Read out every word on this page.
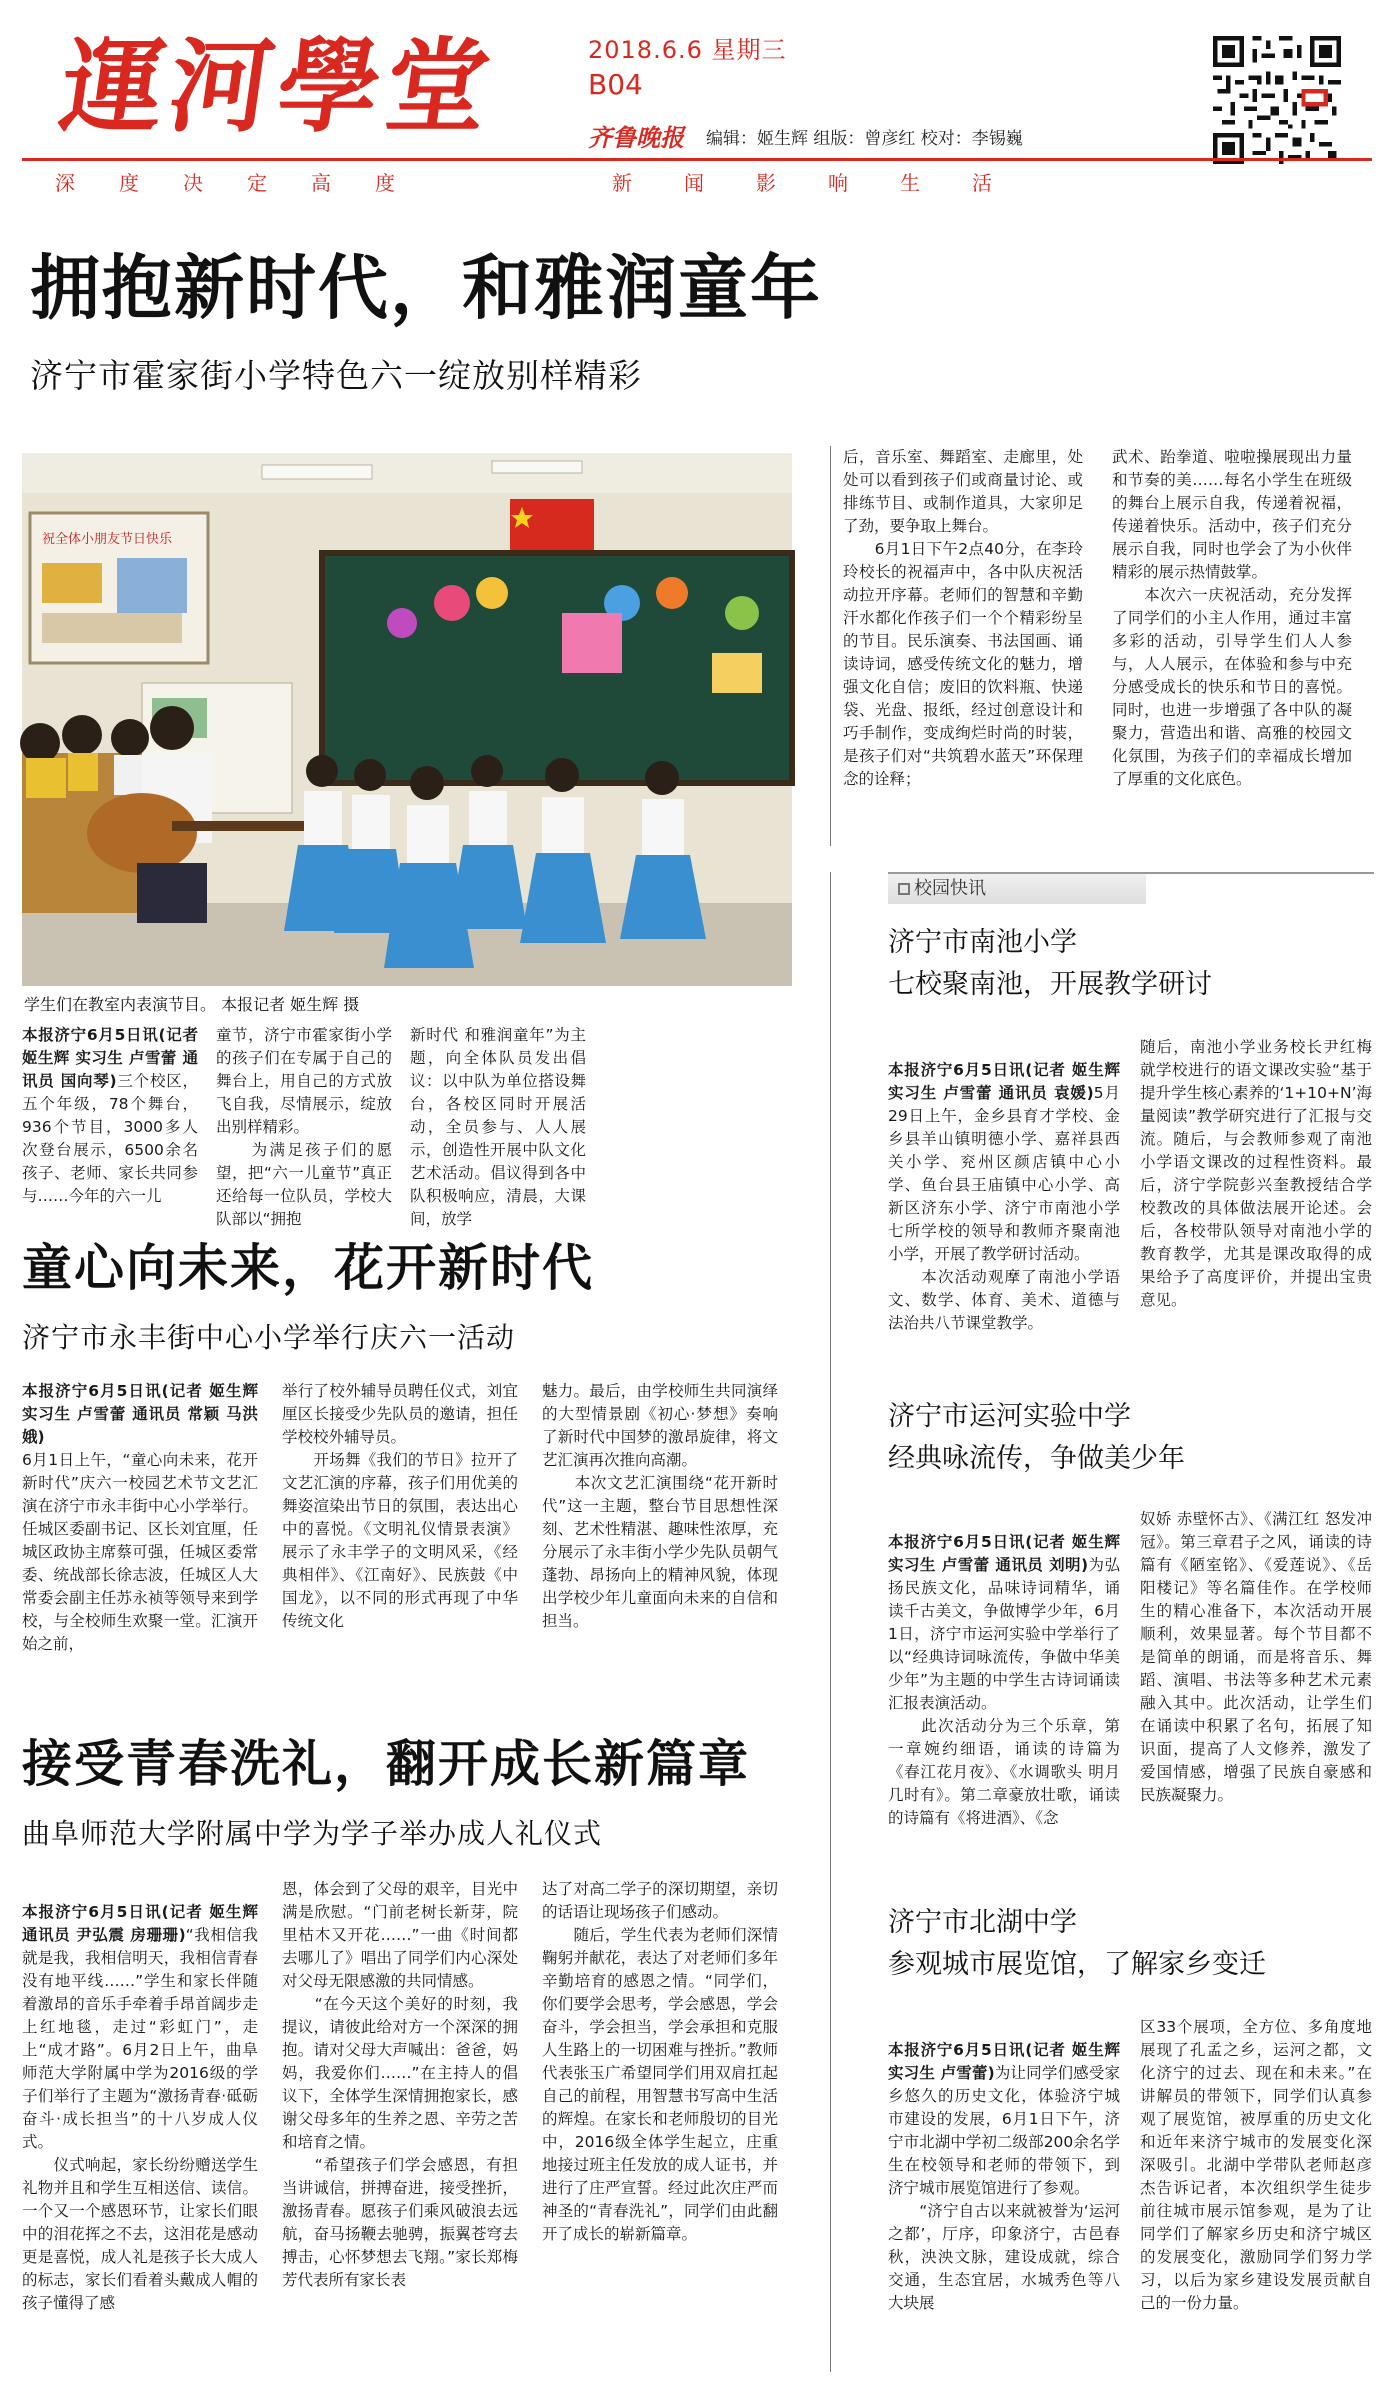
運河學堂	2018.6.6 星期三
B04
齐鲁晚报 编辑：姬生辉 组版：曾彦红 校对：李锡巍
深度决定高度	新闻影响生活
拥抱新时代，和雅润童年
济宁市霍家街小学特色六一绽放别样精彩
祝全体小朋友节日快乐
学生们在教室内表演节目。 本报记者 姬生辉 摄
本报济宁6月5日讯(记者 姬生辉 实习生 卢雪蕾 通讯员 国向琴)三个校区，五个年级，78个舞台，936个节目，3000多人次登台展示，6500余名孩子、老师、家长共同参与……今年的六一儿
童节，济宁市霍家街小学的孩子们在专属于自己的舞台上，用自己的方式放飞自我，尽情展示，绽放出别样精彩。
　　为满足孩子们的愿望，把“六一儿童节”真正还给每一位队员，学校大队部以“拥抱
新时代 和雅润童年”为主题，向全体队员发出倡议：以中队为单位搭设舞台，各校区同时开展活动，全员参与、人人展示，创造性开展中队文化艺术活动。倡议得到各中队积极响应，清晨，大课间，放学
后，音乐室、舞蹈室、走廊里，处处可以看到孩子们或商量讨论、或排练节目、或制作道具，大家卯足了劲，要争取上舞台。
　　6月1日下午2点40分，在李玲玲校长的祝福声中，各中队庆祝活动拉开序幕。老师们的智慧和辛勤汗水都化作孩子们一个个精彩纷呈的节目。民乐演奏、书法国画、诵读诗词，感受传统文化的魅力，增强文化自信；废旧的饮料瓶、快递袋、光盘、报纸，经过创意设计和巧手制作，变成绚烂时尚的时装，是孩子们对“共筑碧水蓝天”环保理念的诠释；
武术、跆拳道、啦啦操展现出力量和节奏的美……每名小学生在班级的舞台上展示自我，传递着祝福，传递着快乐。活动中，孩子们充分展示自我，同时也学会了为小伙伴精彩的展示热情鼓掌。
　　本次六一庆祝活动，充分发挥了同学们的小主人作用，通过丰富多彩的活动，引导学生们人人参与，人人展示，在体验和参与中充分感受成长的快乐和节日的喜悦。同时，也进一步增强了各中队的凝聚力，营造出和谐、高雅的校园文化氛围，为孩子们的幸福成长增加了厚重的文化底色。
童心向未来，花开新时代
济宁市永丰街中心小学举行庆六一活动
本报济宁6月5日讯(记者 姬生辉 实习生 卢雪蕾 通讯员 常颖 马洪娥)
6月1日上午，“童心向未来，花开新时代”庆六一校园艺术节文艺汇演在济宁市永丰街中心小学举行。任城区委副书记、区长刘宜厘，任城区政协主席蔡可强，任城区委常委、统战部长徐志波，任城区人大常委会副主任苏永祯等领导来到学校，与全校师生欢聚一堂。汇演开始之前，
举行了校外辅导员聘任仪式，刘宜厘区长接受少先队员的邀请，担任学校校外辅导员。
　　开场舞《我们的节日》拉开了文艺汇演的序幕，孩子们用优美的舞姿渲染出节日的氛围，表达出心中的喜悦。《文明礼仪情景表演》展示了永丰学子的文明风采，《经典相伴》、《江南好》、民族鼓《中国龙》，以不同的形式再现了中华传统文化
魅力。最后，由学校师生共同演绎的大型情景剧《初心·梦想》奏响了新时代中国梦的激昂旋律，将文艺汇演再次推向高潮。
　　本次文艺汇演围绕“花开新时代”这一主题，整台节目思想性深刻、艺术性精湛、趣味性浓厚，充分展示了永丰街小学少先队员朝气蓬勃、昂扬向上的精神风貌，体现出学校少年儿童面向未来的自信和担当。
接受青春洗礼，翻开成长新篇章
曲阜师范大学附属中学为学子举办成人礼仪式

本报济宁6月5日讯(记者 姬生辉 通讯员 尹弘震 房珊珊)“我相信我就是我，我相信明天，我相信青春没有地平线……”学生和家长伴随着激昂的音乐手牵着手昂首阔步走上红地毯，走过“彩虹门”，走上“成才路”。6月2日上午，曲阜师范大学附属中学为2016级的学子们举行了主题为“激扬青春·砥砺奋斗·成长担当”的十八岁成人仪式。
　　仪式响起，家长纷纷赠送学生礼物并且和学生互相送信、读信。一个又一个感恩环节，让家长们眼中的泪花挥之不去，这泪花是感动更是喜悦，成人礼是孩子长大成人的标志，家长们看着头戴成人帽的孩子懂得了感

恩，体会到了父母的艰辛，目光中满是欣慰。“门前老树长新芽，院里枯木又开花……”一曲《时间都去哪儿了》唱出了同学们内心深处对父母无限感激的共同情感。
　　“在今天这个美好的时刻，我提议，请彼此给对方一个深深的拥抱。请对父母大声喊出：爸爸，妈妈，我爱你们……”在主持人的倡议下，全体学生深情拥抱家长，感谢父母多年的生养之恩、辛劳之苦和培育之情。
　　“希望孩子们学会感恩，有担当讲诚信，拼搏奋进，接受挫折，激扬青春。愿孩子们乘风破浪去远航，奋马扬鞭去驰骋，振翼苍穹去搏击，心怀梦想去飞翔。”家长郑梅芳代表所有家长表
达了对高二学子的深切期望，亲切的话语让现场孩子们感动。
　　随后，学生代表为老师们深情鞠躬并献花，表达了对老师们多年辛勤培育的感恩之情。“同学们，你们要学会思考，学会感恩，学会奋斗，学会担当，学会承担和克服人生路上的一切困难与挫折。”教师代表张玉广希望同学们用双肩扛起自己的前程，用智慧书写高中生活的辉煌。在家长和老师殷切的目光中，2016级全体学生起立，庄重地接过班主任发放的成人证书，并进行了庄严宣誓。经过此次庄严而神圣的“青春洗礼”，同学们由此翻开了成长的崭新篇章。
校园快讯
济宁市南池小学
七校聚南池，开展教学研讨

本报济宁6月5日讯(记者 姬生辉 实习生 卢雪蕾 通讯员 袁媛)5月29日上午，金乡县育才学校、金乡县羊山镇明德小学、嘉祥县西关小学、兖州区颜店镇中心小学、鱼台县王庙镇中心小学、高新区济东小学、济宁市南池小学七所学校的领导和教师齐聚南池小学，开展了教学研讨活动。
　　本次活动观摩了南池小学语文、数学、体育、美术、道德与法治共八节课堂教学。

随后，南池小学业务校长尹红梅就学校进行的语文课改实验“基于提升学生核心素养的‘1+10+N’海量阅读”教学研究进行了汇报与交流。随后，与会教师参观了南池小学语文课改的过程性资料。最后，济宁学院彭兴奎教授结合学校教改的具体做法展开论述。会后，各校带队领导对南池小学的教育教学，尤其是课改取得的成果给予了高度评价，并提出宝贵意见。
济宁市运河实验中学
经典咏流传，争做美少年

本报济宁6月5日讯(记者 姬生辉 实习生 卢雪蕾 通讯员 刘明)为弘扬民族文化，品味诗词精华，诵读千古美文，争做博学少年，6月1日，济宁市运河实验中学举行了以“经典诗词咏流传，争做中华美少年”为主题的中学生古诗词诵读汇报表演活动。
　　此次活动分为三个乐章，第一章婉约细语，诵读的诗篇为《春江花月夜》、《水调歌头 明月几时有》。第二章豪放壮歌，诵读的诗篇有《将进酒》、《念

奴娇 赤壁怀古》、《满江红 怒发冲冠》。第三章君子之风，诵读的诗篇有《陋室铭》、《爱莲说》、《岳阳楼记》等名篇佳作。在学校师生的精心准备下，本次活动开展顺利，效果显著。每个节目都不是简单的朗诵，而是将音乐、舞蹈、演唱、书法等多种艺术元素融入其中。此次活动，让学生们在诵读中积累了名句，拓展了知识面，提高了人文修养，激发了爱国情感，增强了民族自豪感和民族凝聚力。
济宁市北湖中学
参观城市展览馆，了解家乡变迁

本报济宁6月5日讯(记者 姬生辉 实习生 卢雪蕾)为让同学们感受家乡悠久的历史文化，体验济宁城市建设的发展，6月1日下午，济宁市北湖中学初二级部200余名学生在校领导和老师的带领下，到济宁城市展览馆进行了参观。
　　“济宁自古以来就被誉为‘运河之都’，厅序，印象济宁，古邑春秋，泱泱文脉，建设成就，综合交通，生态宜居，水城秀色等八大块展

区33个展项，全方位、多角度地展现了孔孟之乡，运河之都，文化济宁的过去、现在和未来。”在讲解员的带领下，同学们认真参观了展览馆，被厚重的历史文化和近年来济宁城市的发展变化深深吸引。北湖中学带队老师赵彦杰告诉记者，本次组织学生徒步前往城市展示馆参观，是为了让同学们了解家乡历史和济宁城区的发展变化，激励同学们努力学习，以后为家乡建设发展贡献自己的一份力量。
